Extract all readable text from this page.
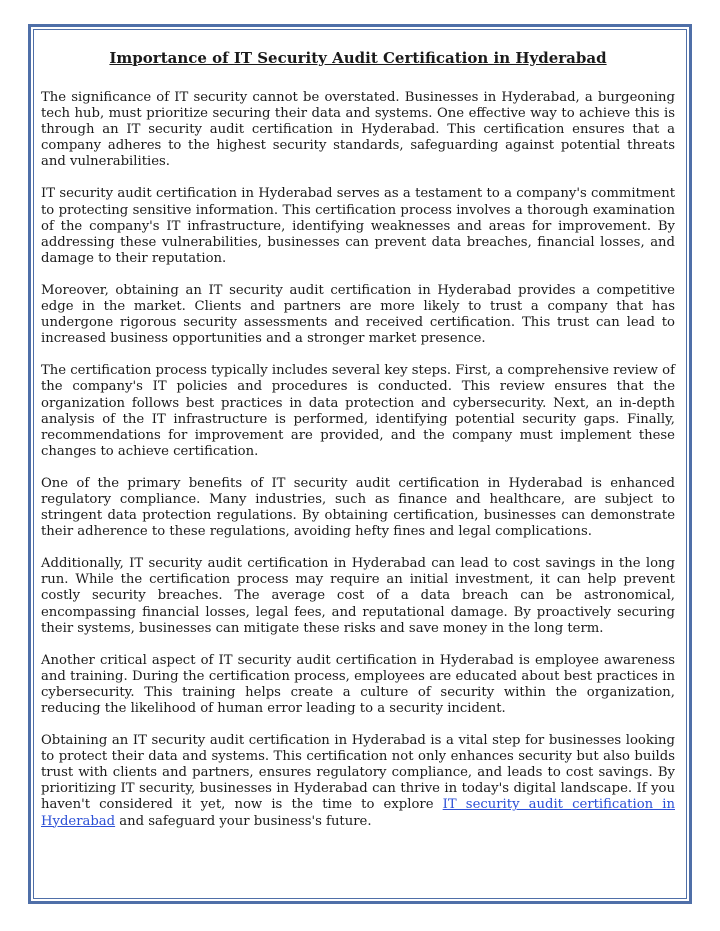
Importance of IT Security Audit Certification in Hyderabad

The significance of IT security cannot be overstated. Businesses in Hyderabad, a burgeoning tech hub, must prioritize securing their data and systems. One effective way to achieve this is through an IT security audit certification in Hyderabad. This certification ensures that a company adheres to the highest security standards, safeguarding against potential threats and vulnerabilities.

IT security audit certification in Hyderabad serves as a testament to a company's commitment to protecting sensitive information. This certification process involves a thorough examination of the company's IT infrastructure, identifying weaknesses and areas for improvement. By addressing these vulnerabilities, businesses can prevent data breaches, financial losses, and damage to their reputation.

Moreover, obtaining an IT security audit certification in Hyderabad provides a competitive edge in the market. Clients and partners are more likely to trust a company that has undergone rigorous security assessments and received certification. This trust can lead to increased business opportunities and a stronger market presence.

The certification process typically includes several key steps. First, a comprehensive review of the company's IT policies and procedures is conducted. This review ensures that the organization follows best practices in data protection and cybersecurity. Next, an in-depth analysis of the IT infrastructure is performed, identifying potential security gaps. Finally, recommendations for improvement are provided, and the company must implement these changes to achieve certification.

One of the primary benefits of IT security audit certification in Hyderabad is enhanced regulatory compliance. Many industries, such as finance and healthcare, are subject to stringent data protection regulations. By obtaining certification, businesses can demonstrate their adherence to these regulations, avoiding hefty fines and legal complications.

Additionally, IT security audit certification in Hyderabad can lead to cost savings in the long run. While the certification process may require an initial investment, it can help prevent costly security breaches. The average cost of a data breach can be astronomical, encompassing financial losses, legal fees, and reputational damage. By proactively securing their systems, businesses can mitigate these risks and save money in the long term.

Another critical aspect of IT security audit certification in Hyderabad is employee awareness and training. During the certification process, employees are educated about best practices in cybersecurity. This training helps create a culture of security within the organization, reducing the likelihood of human error leading to a security incident.

Obtaining an IT security audit certification in Hyderabad is a vital step for businesses looking to protect their data and systems. This certification not only enhances security but also builds trust with clients and partners, ensures regulatory compliance, and leads to cost savings. By prioritizing IT security, businesses in Hyderabad can thrive in today's digital landscape. If you haven't considered it yet, now is the time to explore IT security audit certification in Hyderabad and safeguard your business's future.
